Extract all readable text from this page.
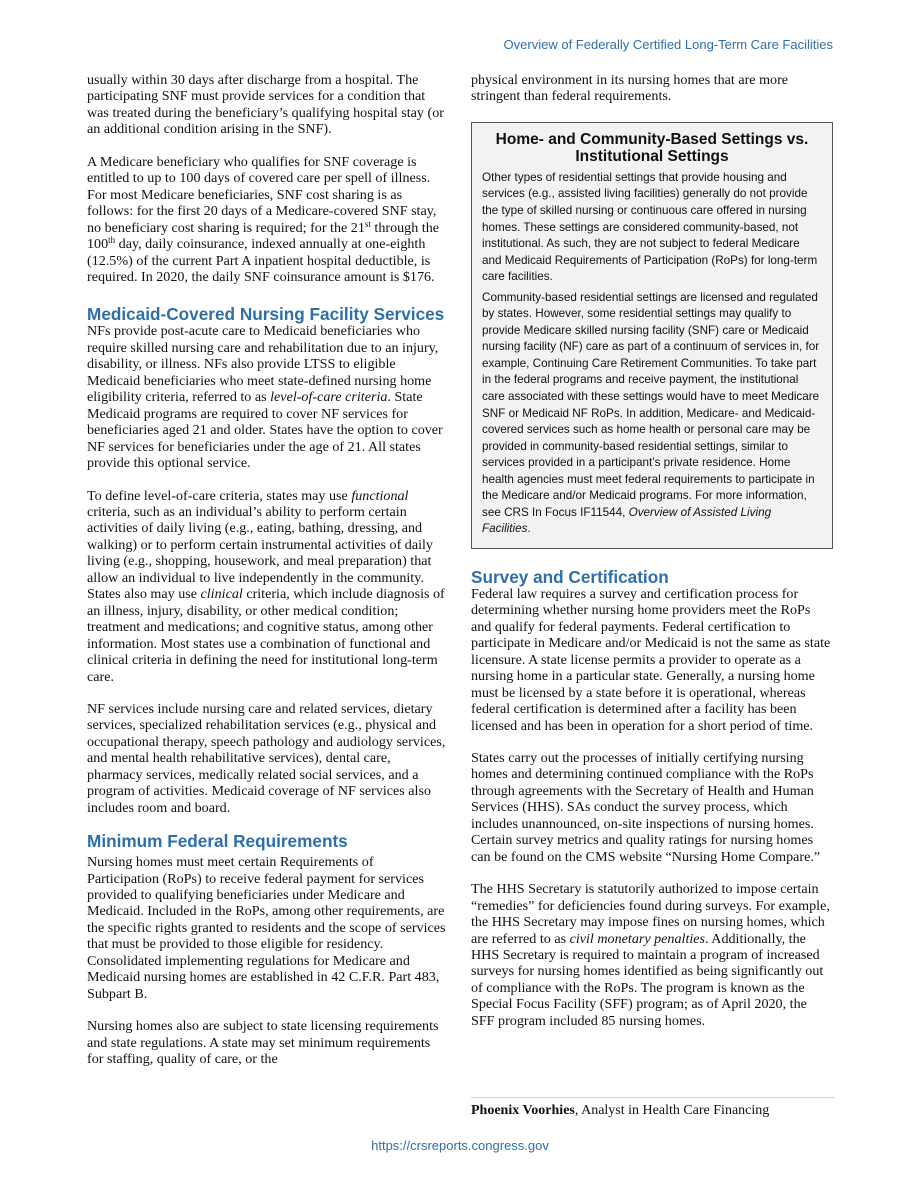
Overview of Federally Certified Long-Term Care Facilities

usually within 30 days after discharge from a hospital. The participating SNF must provide services for a condition that was treated during the beneficiary’s qualifying hospital stay (or an additional condition arising in the SNF).

A Medicare beneficiary who qualifies for SNF coverage is entitled to up to 100 days of covered care per spell of illness. For most Medicare beneficiaries, SNF cost sharing is as follows: for the first 20 days of a Medicare-covered SNF stay, no beneficiary cost sharing is required; for the 21st through the 100th day, daily coinsurance, indexed annually at one-eighth (12.5%) of the current Part A inpatient hospital deductible, is required. In 2020, the daily SNF coinsurance amount is $176.

Medicaid-Covered Nursing Facility Services

NFs provide post-acute care to Medicaid beneficiaries who require skilled nursing care and rehabilitation due to an injury, disability, or illness. NFs also provide LTSS to eligible Medicaid beneficiaries who meet state-defined nursing home eligibility criteria, referred to as level-of-care criteria. State Medicaid programs are required to cover NF services for beneficiaries aged 21 and older. States have the option to cover NF services for beneficiaries under the age of 21. All states provide this optional service.

To define level-of-care criteria, states may use functional criteria, such as an individual’s ability to perform certain activities of daily living (e.g., eating, bathing, dressing, and walking) or to perform certain instrumental activities of daily living (e.g., shopping, housework, and meal preparation) that allow an individual to live independently in the community. States also may use clinical criteria, which include diagnosis of an illness, injury, disability, or other medical condition; treatment and medications; and cognitive status, among other information. Most states use a combination of functional and clinical criteria in defining the need for institutional long-term care.

NF services include nursing care and related services, dietary services, specialized rehabilitation services (e.g., physical and occupational therapy, speech pathology and audiology services, and mental health rehabilitative services), dental care, pharmacy services, medically related social services, and a program of activities. Medicaid coverage of NF services also includes room and board.

Minimum Federal Requirements

Nursing homes must meet certain Requirements of Participation (RoPs) to receive federal payment for services provided to qualifying beneficiaries under Medicare and Medicaid. Included in the RoPs, among other requirements, are the specific rights granted to residents and the scope of services that must be provided to those eligible for residency. Consolidated implementing regulations for Medicare and Medicaid nursing homes are established in 42 C.F.R. Part 483, Subpart B.

Nursing homes also are subject to state licensing requirements and state regulations. A state may set minimum requirements for staffing, quality of care, or the

physical environment in its nursing homes that are more stringent than federal requirements.

Home- and Community-Based Settings vs. Institutional Settings

Other types of residential settings that provide housing and services (e.g., assisted living facilities) generally do not provide the type of skilled nursing or continuous care offered in nursing homes. These settings are considered community-based, not institutional. As such, they are not subject to federal Medicare and Medicaid Requirements of Participation (RoPs) for long-term care facilities.

Community-based residential settings are licensed and regulated by states. However, some residential settings may qualify to provide Medicare skilled nursing facility (SNF) care or Medicaid nursing facility (NF) care as part of a continuum of services in, for example, Continuing Care Retirement Communities. To take part in the federal programs and receive payment, the institutional care associated with these settings would have to meet Medicare SNF or Medicaid NF RoPs. In addition, Medicare- and Medicaid-covered services such as home health or personal care may be provided in community-based residential settings, similar to services provided in a participant’s private residence. Home health agencies must meet federal requirements to participate in the Medicare and/or Medicaid programs. For more information, see CRS In Focus IF11544, Overview of Assisted Living Facilities.

Survey and Certification

Federal law requires a survey and certification process for determining whether nursing home providers meet the RoPs and qualify for federal payments. Federal certification to participate in Medicare and/or Medicaid is not the same as state licensure. A state license permits a provider to operate as a nursing home in a particular state. Generally, a nursing home must be licensed by a state before it is operational, whereas federal certification is determined after a facility has been licensed and has been in operation for a short period of time.

States carry out the processes of initially certifying nursing homes and determining continued compliance with the RoPs through agreements with the Secretary of Health and Human Services (HHS). SAs conduct the survey process, which includes unannounced, on-site inspections of nursing homes. Certain survey metrics and quality ratings for nursing homes can be found on the CMS website “Nursing Home Compare.”

The HHS Secretary is statutorily authorized to impose certain “remedies” for deficiencies found during surveys. For example, the HHS Secretary may impose fines on nursing homes, which are referred to as civil monetary penalties. Additionally, the HHS Secretary is required to maintain a program of increased surveys for nursing homes identified as being significantly out of compliance with the RoPs. The program is known as the Special Focus Facility (SFF) program; as of April 2020, the SFF program included 85 nursing homes.

Phoenix Voorhies, Analyst in Health Care Financing
https://crsreports.congress.gov
